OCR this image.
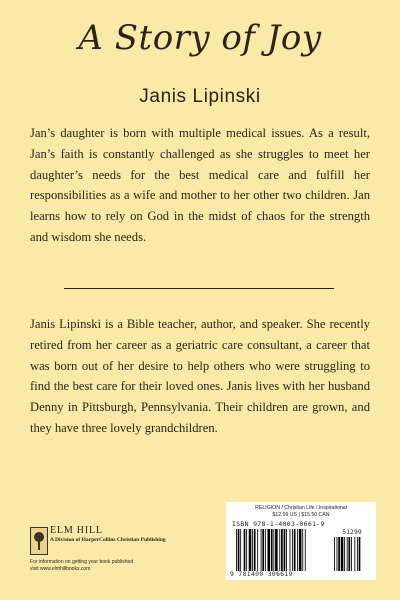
A Story of Joy
Janis Lipinski

Jan’s daughter is born with multiple medical issues. As a result, Jan’s faith is constantly challenged as she struggles to meet her daughter’s needs for the best medical care and fulfill her responsibilities as a wife and mother to her other two children. Jan learns how to rely on God in the midst of chaos for the strength and wisdom she needs.

Janis Lipinski is a Bible teacher, author, and speaker. She recently retired from her career as a geriatric care consultant, a career that was born out of her desire to help others who were struggling to find the best care for their loved ones. Janis lives with her husband Denny in Pittsburgh, Pennsylvania. Their children are grown, and they have three lovely grandchildren.

ELM HILL
A Division of HarperCollins Christian Publishing
For information on getting your book published
visit www.elmhillbooks.com
RELIGION / Christian Life / Inspirational
$12.99 US | $15.50 CAN
ISBN 978-1-4003-0661-9
51299
9 781400 306619
